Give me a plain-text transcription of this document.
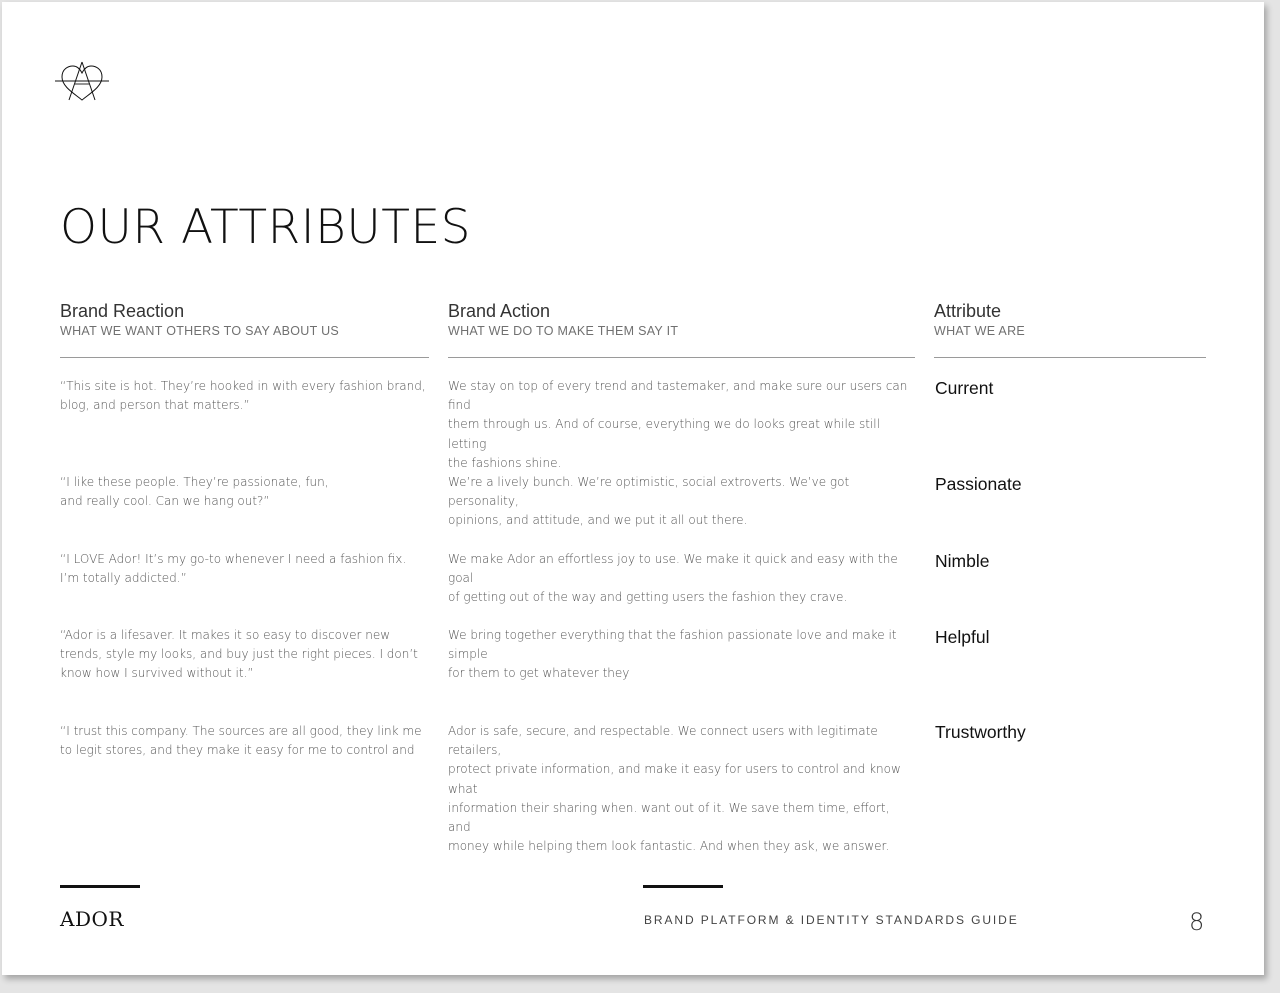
OUR ATTRIBUTES
Brand Reaction
WHAT WE WANT OTHERS TO SAY ABOUT US
Brand Action
WHAT WE DO TO MAKE THEM SAY IT
Attribute
WHAT WE ARE
“This site is hot. They’re hooked in with every fashion brand,
blog, and person that matters.”
We stay on top of every trend and tastemaker, and make sure our users can find
them through us. And of course, everything we do looks great while still letting
the fashions shine.
Current
“I like these people. They’re passionate, fun,
and really cool. Can we hang out?”
We’re a lively bunch. We’re optimistic, social extroverts. We’ve got personality,
opinions, and attitude, and we put it all out there.
Passionate
“I LOVE Ador! It’s my go-to whenever I need a fashion fix.
I’m totally addicted.”
We make Ador an effortless joy to use. We make it quick and easy with the goal
of getting out of the way and getting users the fashion they crave.
Nimble
“Ador is a lifesaver. It makes it so easy to discover new
trends, style my looks, and buy just the right pieces. I don’t
know how I survived without it.”
We bring together everything that the fashion passionate love and make it simple
for them to get whatever they
Helpful
“I trust this company. The sources are all good, they link me
to legit stores, and they make it easy for me to control and
Ador is safe, secure, and respectable. We connect users with legitimate retailers,
protect private information, and make it easy for users to control and know what
information their sharing when. want out of it. We save them time, effort, and
money while helping them look fantastic. And when they ask, we answer.
Trustworthy
ADOR	BRAND PLATFORM & IDENTITY STANDARDS GUIDE	8
